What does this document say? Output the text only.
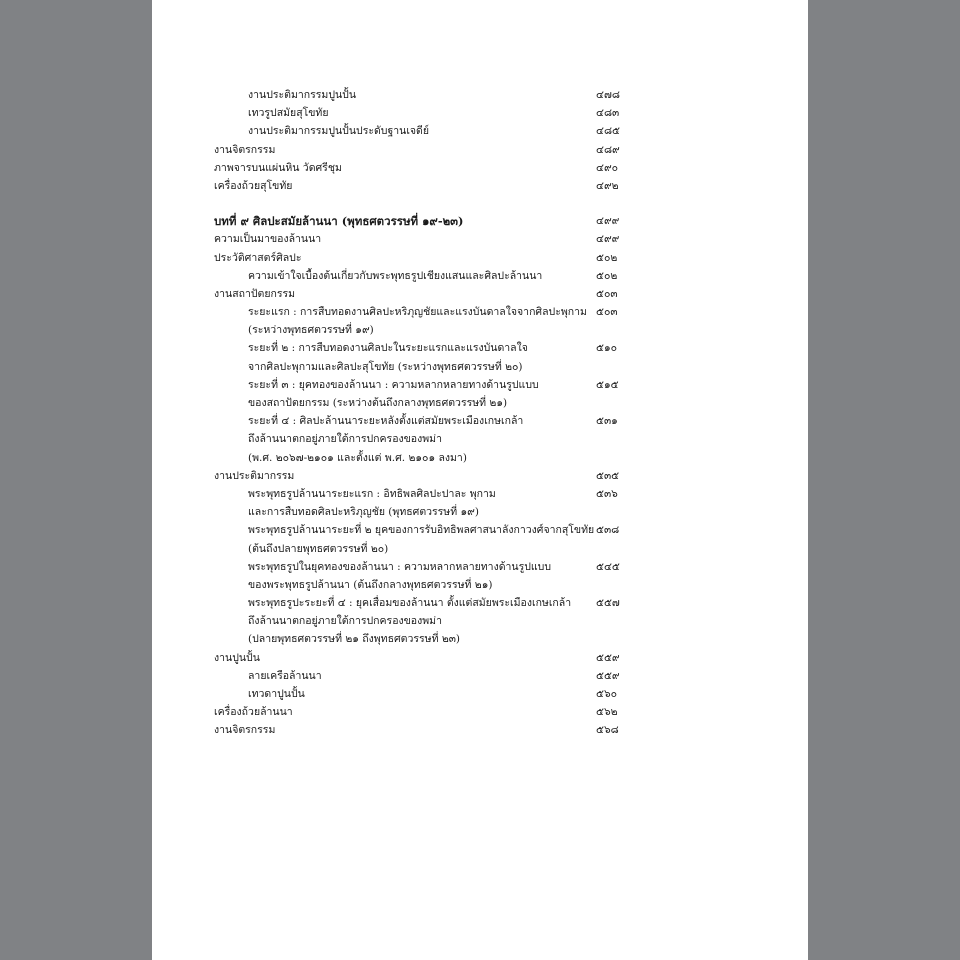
งานประติมากรรมปูนปั้น	๔๗๘
เทวรูปสมัยสุโขทัย	๔๘๓
งานประติมากรรมปูนปั้นประดับฐานเจดีย์	๔๘๕
งานจิตรกรรม	๔๘๙
ภาพจารบนแผ่นหิน วัดศรีชุม	๔๙๐
เครื่องถ้วยสุโขทัย	๔๙๒
บทที่ ๙ ศิลปะสมัยล้านนา (พุทธศตวรรษที่ ๑๙-๒๓)	๔๙๙
ความเป็นมาของล้านนา	๔๙๙
ประวัติศาสตร์ศิลปะ	๕๐๒
ความเข้าใจเบื้องต้นเกี่ยวกับพระพุทธรูปเชียงแสนและศิลปะล้านนา	๕๐๒
งานสถาปัตยกรรม	๕๐๓
ระยะแรก : การสืบทอดงานศิลปะหริภุญชัยและแรงบันดาลใจจากศิลปะพุกาม ๕๐๓
(ระหว่างพุทธศตวรรษที่ ๑๙)
ระยะที่ ๒ : การสืบทอดงานศิลปะในระยะแรกและแรงบันดาลใจ	๕๑๐
จากศิลปะพุกามและศิลปะสุโขทัย (ระหว่างพุทธศตวรรษที่ ๒๐)
ระยะที่ ๓ : ยุคทองของล้านนา : ความหลากหลายทางด้านรูปแบบ	๕๑๕
ของสถาปัตยกรรม (ระหว่างต้นถึงกลางพุทธศตวรรษที่ ๒๑)
ระยะที่ ๔ : ศิลปะล้านนาระยะหลังตั้งแต่สมัยพระเมืองเกษเกล้า	๕๓๑
ถึงล้านนาตกอยู่ภายใต้การปกครองของพม่า
(พ.ศ. ๒๐๖๗-๒๑๐๑ และตั้งแต่ พ.ศ. ๒๑๐๑ ลงมา)
งานประติมากรรม	๕๓๕
พระพุทธรูปล้านนาระยะแรก : อิทธิพลศิลปะปาละ พุกาม	๕๓๖
และการสืบทอดศิลปะหริภุญชัย (พุทธศตวรรษที่ ๑๙)
พระพุทธรูปล้านนาระยะที่ ๒ ยุคของการรับอิทธิพลศาสนาลังกาวงศ์จากสุโขทัย ๕๓๘
(ต้นถึงปลายพุทธศตวรรษที่ ๒๐)
พระพุทธรูปในยุคทองของล้านนา : ความหลากหลายทางด้านรูปแบบ	๕๔๕
ของพระพุทธรูปล้านนา (ต้นถึงกลางพุทธศตวรรษที่ ๒๑)
พระพุทธรูปะระยะที่ ๔ : ยุคเสื่อมของล้านนา ตั้งแต่สมัยพระเมืองเกษเกล้า	๕๕๗
ถึงล้านนาตกอยู่ภายใต้การปกครองของพม่า
(ปลายพุทธศตวรรษที่ ๒๑ ถึงพุทธศตวรรษที่ ๒๓)
งานปูนปั้น	๕๕๙
ลายเครือล้านนา	๕๕๙
เทวดาปูนปั้น	๕๖๐
เครื่องถ้วยล้านนา	๕๖๒
งานจิตรกรรม	๕๖๘
